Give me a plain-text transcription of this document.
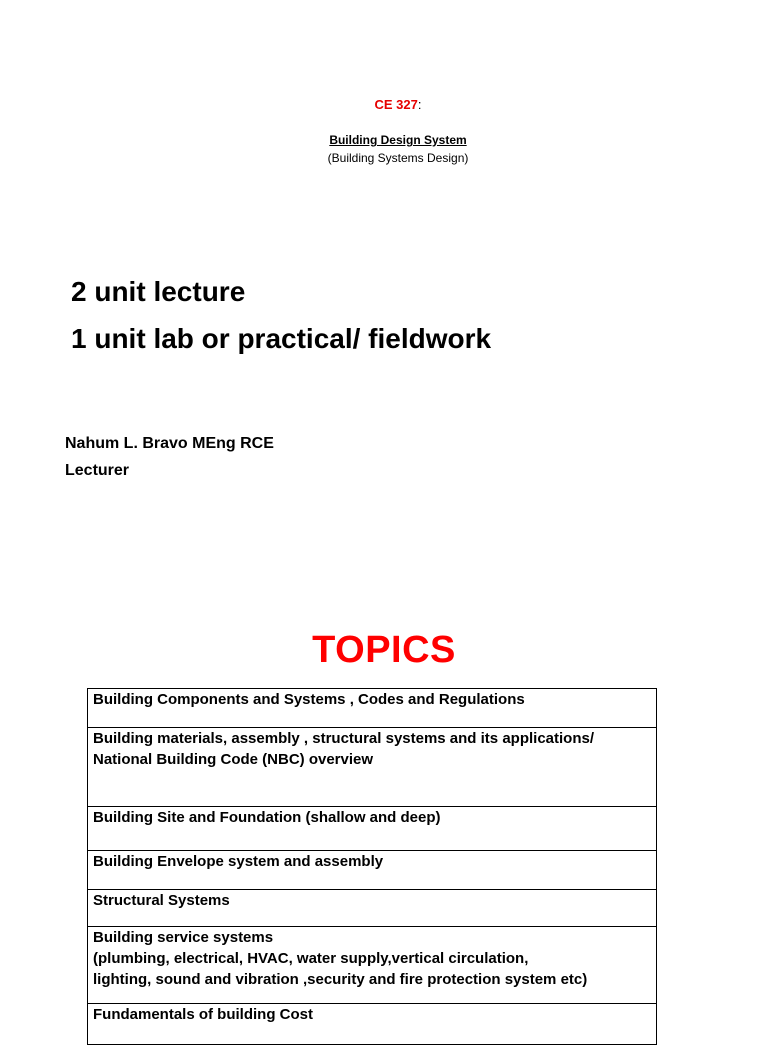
CE 327:
Building Design System
(Building Systems Design)
2 unit lecture
1 unit lab or practical/ fieldwork
Nahum L. Bravo MEng RCE
Lecturer
TOPICS
Building Components and Systems , Codes and Regulations
Building materials, assembly , structural systems and its applications/
National Building Code (NBC) overview
Building Site and Foundation (shallow and deep)
Building Envelope system and assembly
Structural Systems
Building service systems
(plumbing, electrical, HVAC, water supply,vertical circulation,
lighting, sound and vibration ,security and fire protection system etc)
Fundamentals of building Cost
